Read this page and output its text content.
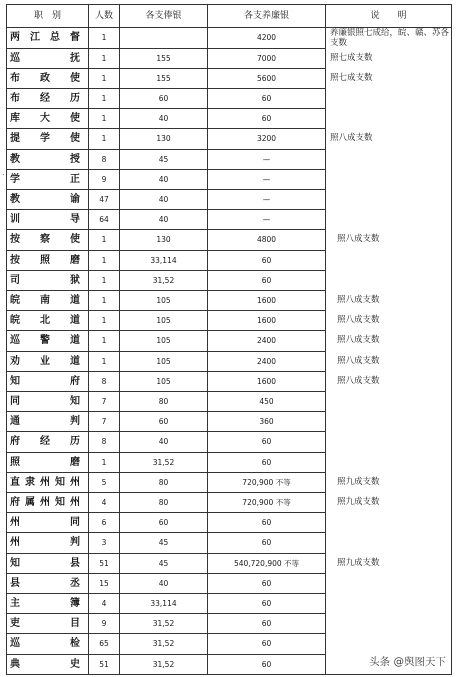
职　别	人数	各支俸银	各支养廉银	说　　明
两江总督	1		4200	养廉银照七成给，皖、赣、苏各支数
巡抚	1	155	7000	照七成支数
布政使	1	155	5600	照七成支数
布经历	1	60	60	
库大使	1	40	60	
提学使	1	130	3200	照八成支数
教授	8	45	—	
学正	9	40	—	
教谕	47	40	—	
训导	64	40	—	
按察使	1	130	4800	照八成支数
按照磨	1	33,114	60	
司狱	1	31,52	60	
皖南道	1	105	1600	照八成支数
皖北道	1	105	1600	照八成支数
巡警道	1	105	2400	照八成支数
劝业道	1	105	2400	照八成支数
知府	8	105	1600	照八成支数
同知	7	80	450	
通判	7	60	360	
府经历	8	40	60	
照磨	1	31,52	60	
直隶州知州	5	80	720,900 不等	照九成支数
府属州知州	4	80	720,900 不等	照九成支数
州同	6	60	60	
州判	3	45	60	
知县	51	45	540,720,900 不等	照九成支数
县丞	15	40	60	
主簿	4	33,114	60	
吏目	9	31,52	60	
巡检	65	31,52	60	
典史	51	31,52	60	
.
头条 @舆图天下
